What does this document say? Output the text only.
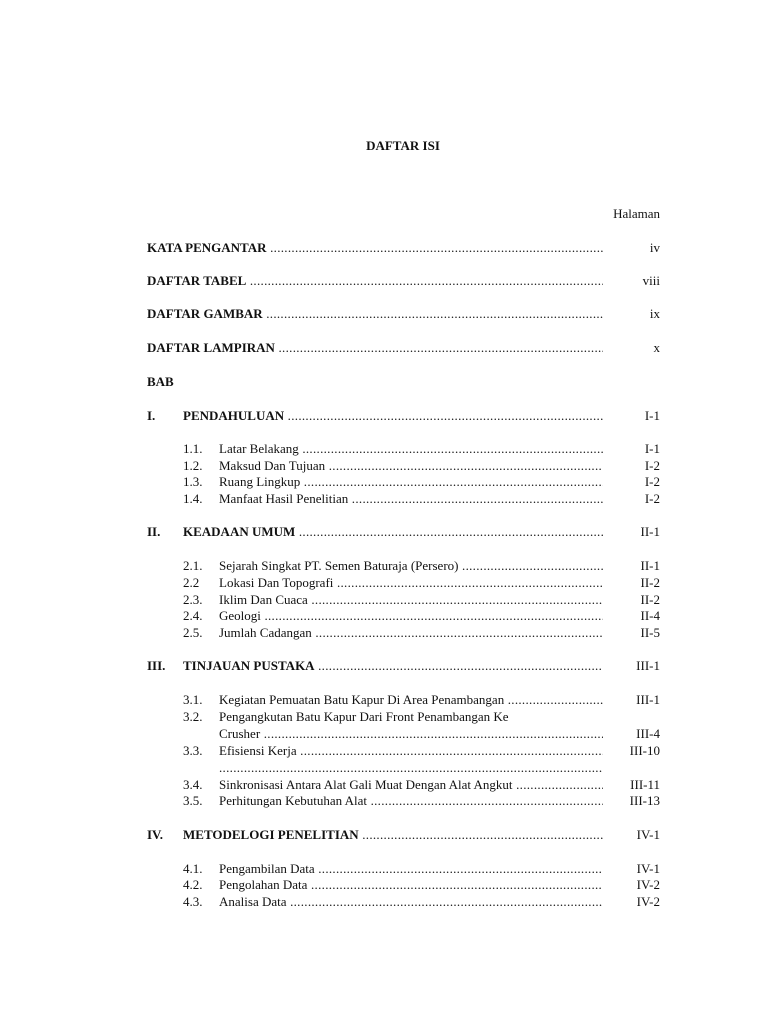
DAFTAR ISI
Halaman
KATA PENGANTAR .....	iv
DAFTAR TABEL .....	viii
DAFTAR GAMBAR .....	ix
DAFTAR LAMPIRAN .....	x
BAB
I. PENDAHULUAN .....	I-1
1.1. Latar Belakang .....	I-1
1.2. Maksud Dan Tujuan .....	I-2
1.3. Ruang Lingkup .....	I-2
1.4. Manfaat Hasil Penelitian .....	I-2
II. KEADAAN UMUM .....	II-1
2.1. Sejarah Singkat PT. Semen Baturaja (Persero) .....	II-1
2.2 Lokasi Dan Topografi .....	II-2
2.3. Iklim Dan Cuaca .....	II-2
2.4. Geologi .....	II-4
2.5. Jumlah Cadangan .....	II-5
III. TINJAUAN PUSTAKA .....	III-1
3.1. Kegiatan Pemuatan Batu Kapur Di Area Penambangan .....	III-1
3.2. Pengangkutan Batu Kapur Dari Front Penambangan Ke
Crusher .....	III-4
3.3. Efisiensi Kerja .....	III-10
.....
3.4. Sinkronisasi Antara Alat Gali Muat Dengan Alat Angkut .....	III-11
3.5. Perhitungan Kebutuhan Alat .....	III-13
IV. METODELOGI PENELITIAN .....	IV-1
4.1. Pengambilan Data .....	IV-1
4.2. Pengolahan Data .....	IV-2
4.3. Analisa Data .....	IV-2
